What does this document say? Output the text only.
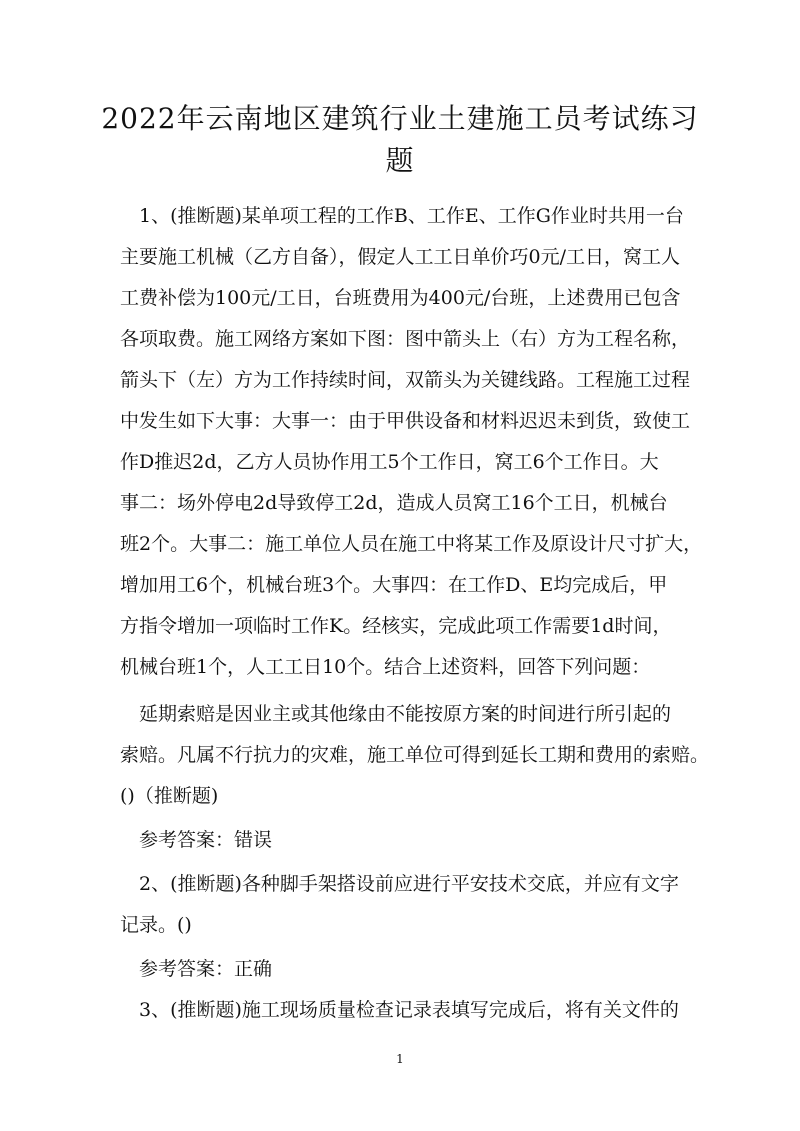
2022年云南地区建筑行业土建施工员考试练习
题

　1、(推断题)某单项工程的工作B、工作E、工作G作业时共用一台

主要施工机械（乙方自备），假定人工工日单价巧0元/工日，窝工人

工费补偿为100元/工日，台班费用为400元/台班，上述费用已包含

各项取费。施工网络方案如下图：图中箭头上（右）方为工程名称，

箭头下（左）方为工作持续时间，双箭头为关键线路。工程施工过程

中发生如下大事：大事一：由于甲供设备和材料迟迟未到货，致使工

作D推迟2d，乙方人员协作用工5个工作日，窝工6个工作日。大

事二：场外停电2d导致停工2d，造成人员窝工16个工日，机械台

班2个。大事二：施工单位人员在施工中将某工作及原设计尺寸扩大，

增加用工6个，机械台班3个。大事四：在工作D、E均完成后，甲

方指令增加一项临时工作K。经核实，完成此项工作需要1d时间，

机械台班1个，人工工日10个。结合上述资料，回答下列问题：

　延期索赔是因业主或其他缘由不能按原方案的时间进行所引起的

索赔。凡属不行抗力的灾难，施工单位可得到延长工期和费用的索赔。

()（推断题)

　参考答案：错误

　2、(推断题)各种脚手架搭设前应进行平安技术交底，并应有文字

记录。()

　参考答案：正确

　3、(推断题)施工现场质量检查记录表填写完成后，将有关文件的

1
